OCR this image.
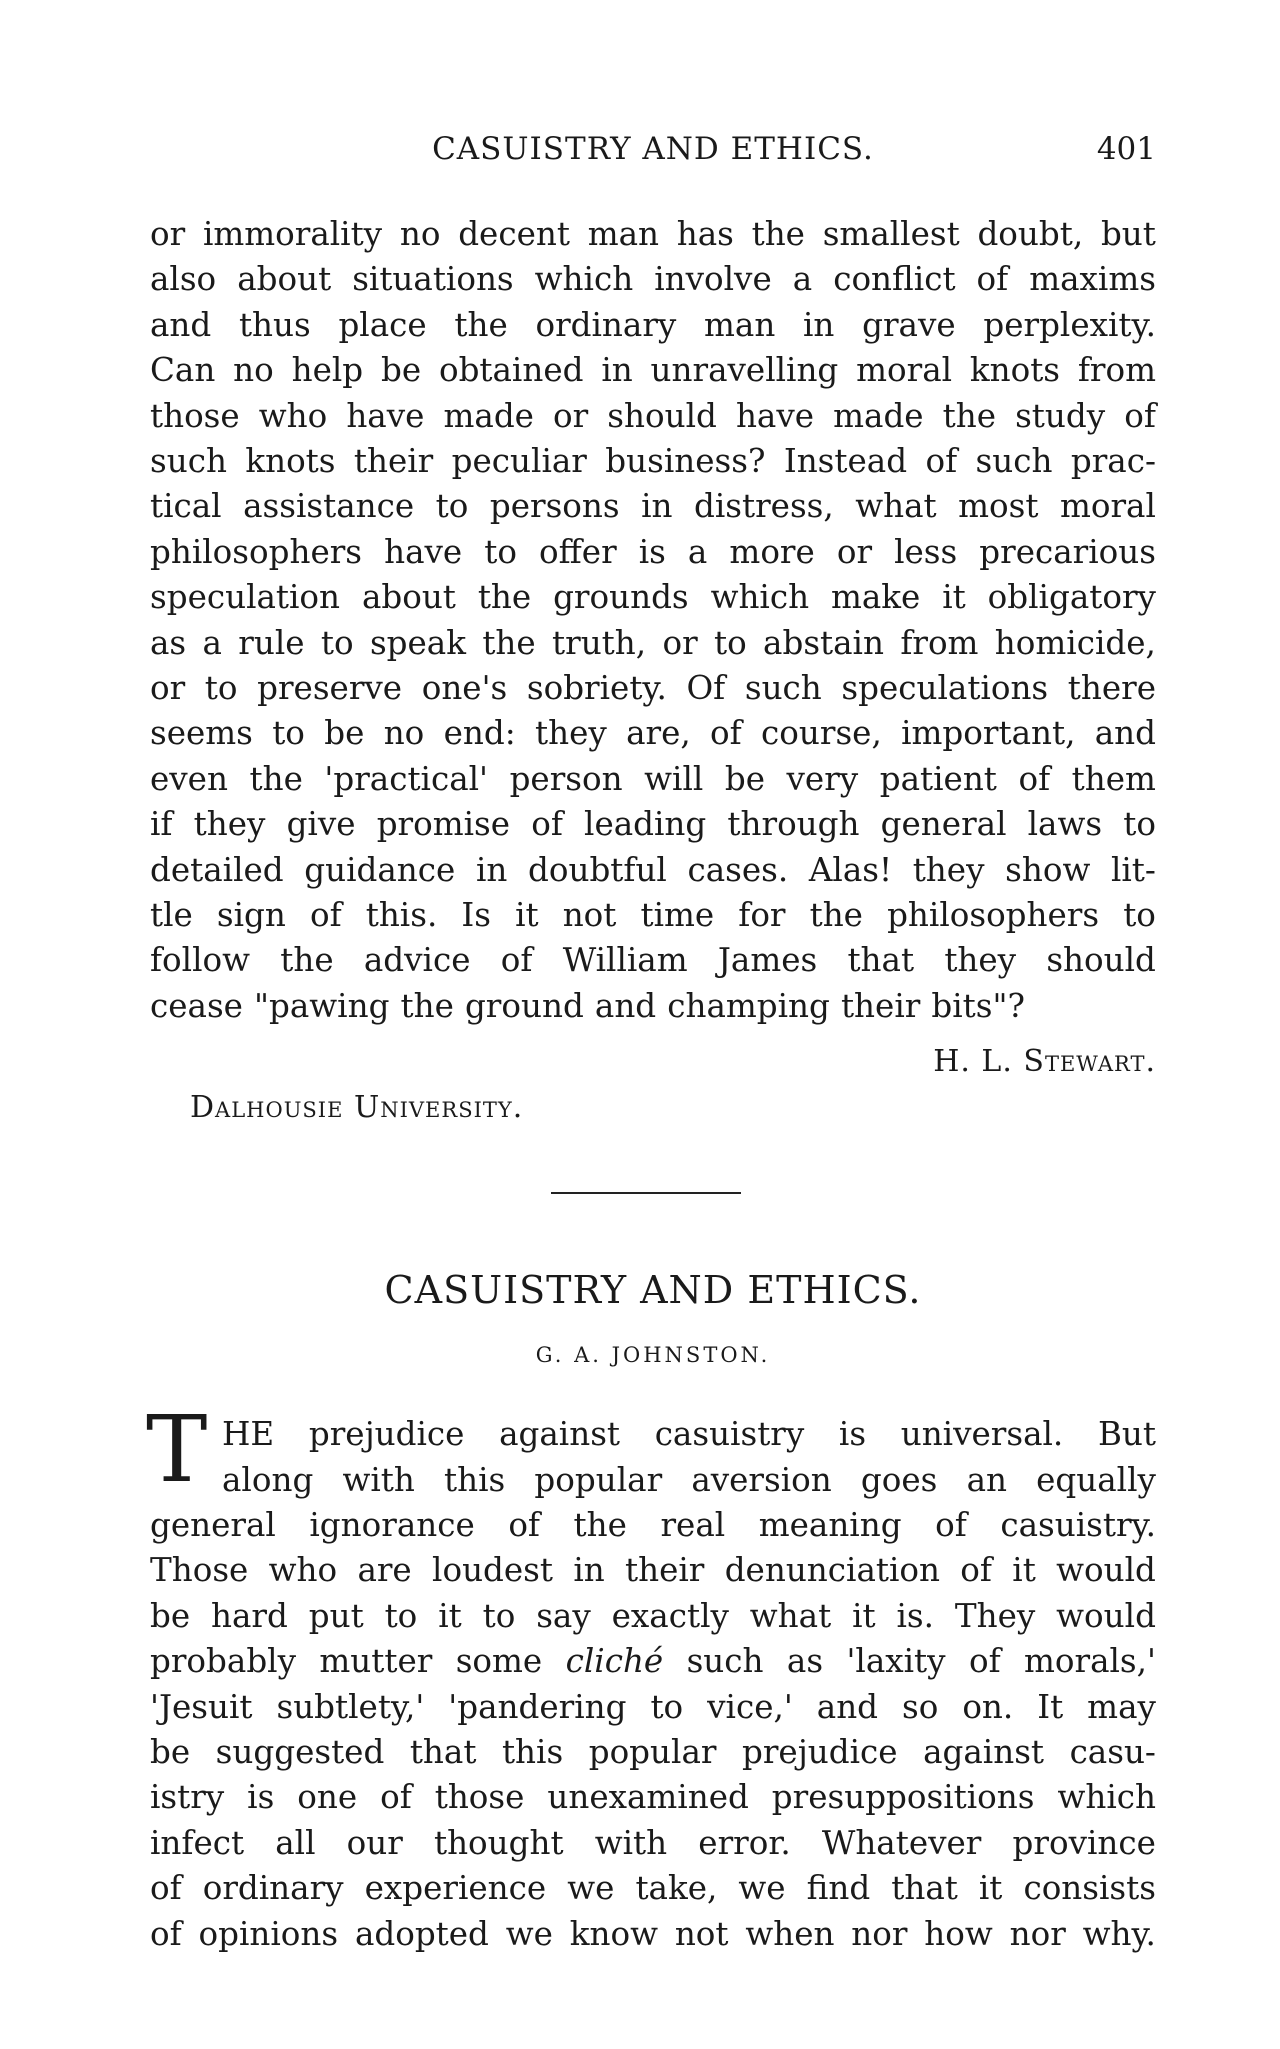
CASUISTRY AND ETHICS.	401
or immorality no decent man has the smallest doubt, but
also about situations which involve a conflict of maxims
and thus place the ordinary man in grave perplexity.
Can no help be obtained in unravelling moral knots from
those who have made or should have made the study of
such knots their peculiar business? Instead of such prac-
tical assistance to persons in distress, what most moral
philosophers have to offer is a more or less precarious
speculation about the grounds which make it obligatory
as a rule to speak the truth, or to abstain from homicide,
or to preserve one's sobriety. Of such speculations there
seems to be no end: they are, of course, important, and
even the 'practical' person will be very patient of them
if they give promise of leading through general laws to
detailed guidance in doubtful cases. Alas! they show lit-
tle sign of this. Is it not time for the philosophers to
follow the advice of William James that they should
cease "pawing the ground and champing their bits"?
H. L. Stewart.
Dalhousie University.
CASUISTRY AND ETHICS.
G. A. JOHNSTON.
T HE prejudice against casuistry is universal. But
along with this popular aversion goes an equally
general ignorance of the real meaning of casuistry.
Those who are loudest in their denunciation of it would
be hard put to it to say exactly what it is. They would
probably mutter some cliché such as 'laxity of morals,'
'Jesuit subtlety,' 'pandering to vice,' and so on. It may
be suggested that this popular prejudice against casu-
istry is one of those unexamined presuppositions which
infect all our thought with error. Whatever province
of ordinary experience we take, we find that it consists
of opinions adopted we know not when nor how nor why.
